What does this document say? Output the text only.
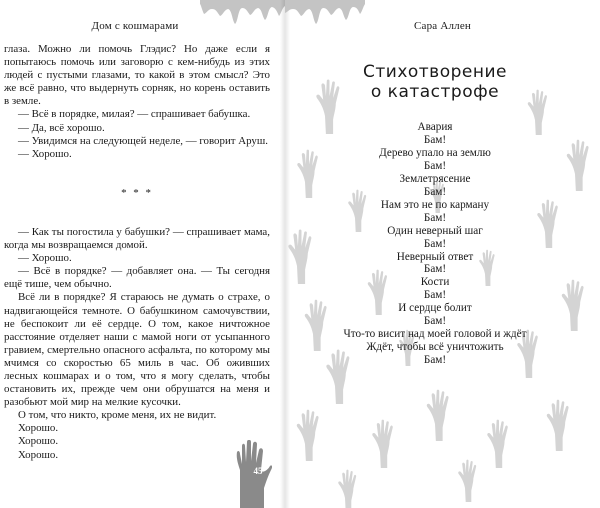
Дом с кошмарами

глаза. Можно ли помочь Глэдис? Но даже если я попытаюсь помочь или заговорю с кем-нибудь из этих людей с пустыми глазами, то какой в этом смысл? Это же всё равно, что выдернуть сорняк, но корень оставить в земле.

— Всё в порядке, милая? — спрашивает бабушка.

— Да, всё хорошо.

— Увидимся на следующей неделе, — говорит Аруш.

— Хорошо.

* * *

— Как ты погостила у бабушки? — спрашивает мама, когда мы возвращаемся домой.

— Хорошо.

— Всё в порядке? — добавляет она. — Ты сегодня ещё тише, чем обычно.

Всё ли в порядке? Я стараюсь не думать о страхе, о надвигающейся темноте. О бабушкином самочувствии, не беспокоит ли её сердце. О том, какое ничтожное расстояние отделяет наши с мамой ноги от усыпанного гравием, смертельно опасного асфальта, по которому мы мчимся со скоростью 65 миль в час. Об оживших лесных кошмарах и о том, что я могу сделать, чтобы остановить их, прежде чем они обрушатся на меня и разобьют мой мир на мелкие кусочки.

О том, что никто, кроме меня, их не видит.

Хорошо.

Хорошо.

Хорошо.

45
Сара Аллен
Стихотворение
о катастрофе
Авария
Бам!
Дерево упало на землю
Бам!
Землетрясение
Бам!
Нам это не по карману
Бам!
Один неверный шаг
Бам!
Неверный ответ
Бам!
Кости
Бам!
И сердце болит
Бам!
Что-то висит над моей головой и ждёт
Ждёт, чтобы всё уничтожить
Бам!
